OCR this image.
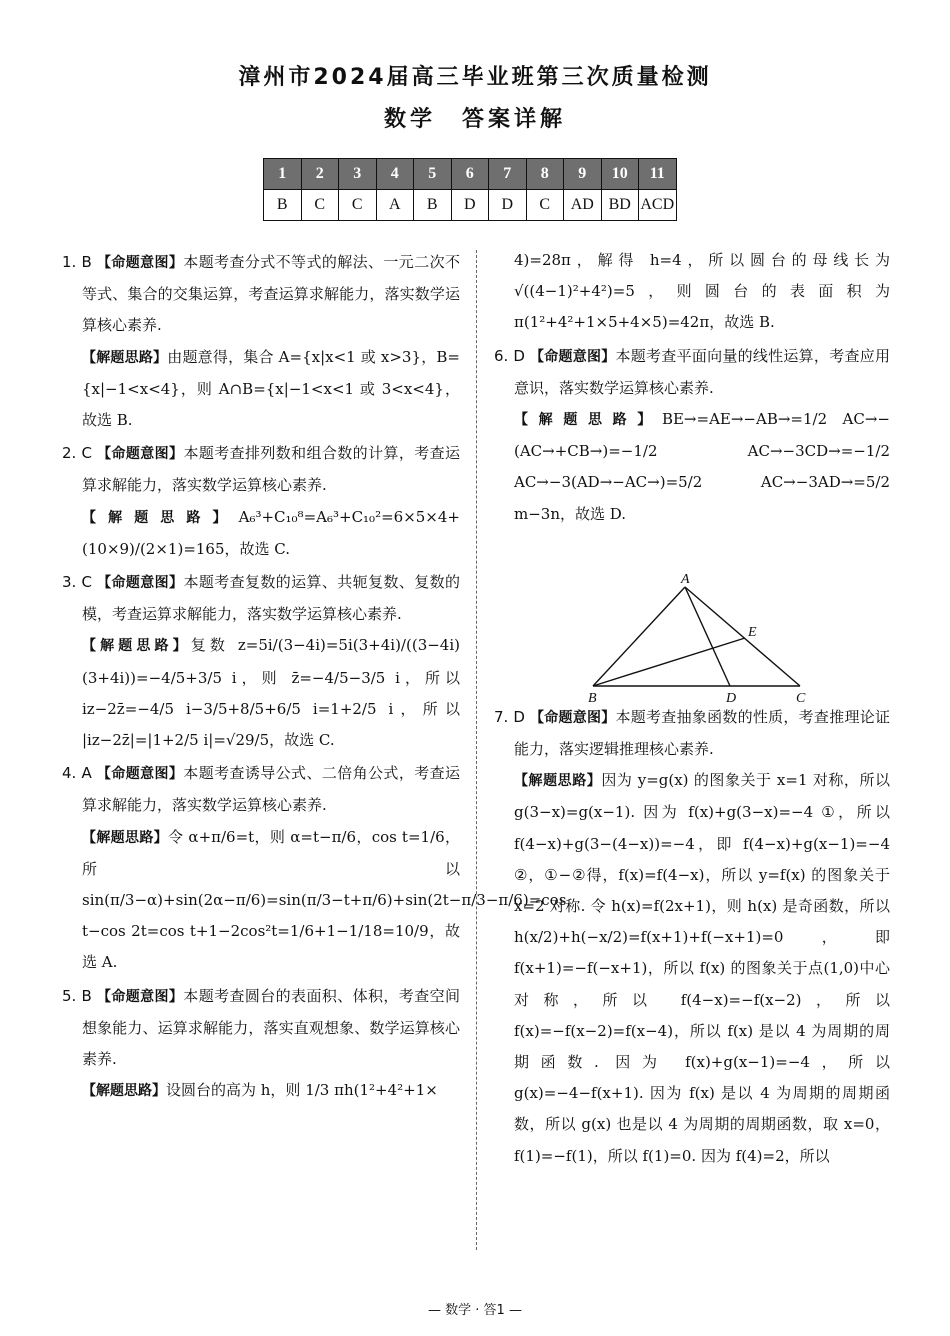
漳州市2024届高三毕业班第三次质量检测
数学　答案详解
1	2	3	4	5	6	7	8	9	10	11
B	C	C	A	B	D	D	C	AD	BD	ACD

1. B 【命题意图】本题考查分式不等式的解法、一元二次不等式、集合的交集运算，考查运算求解能力，落实数学运算核心素养.

【解题思路】由题意得，集合 A={x|x<1 或 x>3}，B={x|−1<x<4}，则 A∩B={x|−1<x<1 或 3<x<4}，故选 B.

2. C 【命题意图】本题考查排列数和组合数的计算，考查运算求解能力，落实数学运算核心素养.

【解题思路】A₆³+C₁₀⁸=A₆³+C₁₀²=6×5×4+(10×9)/(2×1)=165，故选 C.

3. C 【命题意图】本题考查复数的运算、共轭复数、复数的模，考查运算求解能力，落实数学运算核心素养.

【解题思路】复数 z=5i/(3−4i)=5i(3+4i)/((3−4i)(3+4i))=−4/5+3/5 i，则 z̄=−4/5−3/5 i，所以 iz−2z̄=−4/5 i−3/5+8/5+6/5 i=1+2/5 i，所以 |iz−2z̄|=|1+2/5 i|=√29/5，故选 C.

4. A 【命题意图】本题考查诱导公式、二倍角公式，考查运算求解能力，落实数学运算核心素养.

【解题思路】令 α+π/6=t，则 α=t−π/6，cos t=1/6，所以 sin(π/3−α)+sin(2α−π/6)=sin(π/3−t+π/6)+sin(2t−π/3−π/6)=cos t−cos 2t=cos t+1−2cos²t=1/6+1−1/18=10/9，故选 A.

5. B 【命题意图】本题考查圆台的表面积、体积，考查空间想象能力、运算求解能力，落实直观想象、数学运算核心素养.

【解题思路】设圆台的高为 h，则 1/3 πh(1²+4²+1×

4)=28π，解得 h=4，所以圆台的母线长为 √((4−1)²+4²)=5，则圆台的表面积为 π(1²+4²+1×5+4×5)=42π，故选 B.

6. D 【命题意图】本题考查平面向量的线性运算，考查应用意识，落实数学运算核心素养.

【解题思路】BE→=AE→−AB→=1/2 AC→−(AC→+CB→)=−1/2 AC→−3CD→=−1/2 AC→−3(AD→−AC→)=5/2 AC→−3AD→=5/2 m−3n，故选 D.

7. D 【命题意图】本题考查抽象函数的性质，考查推理论证能力，落实逻辑推理核心素养.

【解题思路】因为 y=g(x) 的图象关于 x=1 对称，所以 g(3−x)=g(x−1). 因为 f(x)+g(3−x)=−4 ①，所以 f(4−x)+g(3−(4−x))=−4，即 f(4−x)+g(x−1)=−4 ②，①−②得，f(x)=f(4−x)，所以 y=f(x) 的图象关于 x=2 对称. 令 h(x)=f(2x+1)，则 h(x) 是奇函数，所以 h(x/2)+h(−x/2)=f(x+1)+f(−x+1)=0，即 f(x+1)=−f(−x+1)，所以 f(x) 的图象关于点(1,0)中心对称，所以 f(4−x)=−f(x−2)，所以 f(x)=−f(x−2)=f(x−4)，所以 f(x) 是以 4 为周期的周期函数. 因为 f(x)+g(x−1)=−4，所以 g(x)=−4−f(x+1). 因为 f(x) 是以 4 为周期的周期函数，所以 g(x) 也是以 4 为周期的周期函数，取 x=0，f(1)=−f(1)，所以 f(1)=0. 因为 f(4)=2，所以

A
E
B	D	C
— 数学 · 答1 —
